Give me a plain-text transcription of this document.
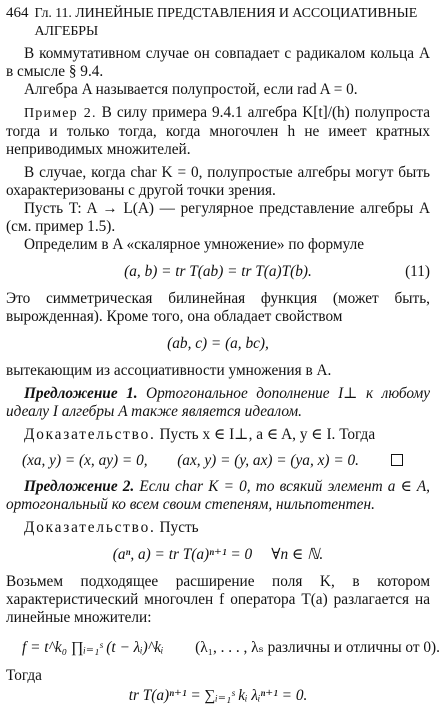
464 Гл. 11. ЛИНЕЙНЫЕ ПРЕДСТАВЛЕНИЯ И АССОЦИАТИВНЫЕ АЛГЕБРЫ

В коммутативном случае он совпадает с радикалом кольца A в смысле § 9.4.

Алгебра A называется полупростой, если rad A = 0.

Пример 2. В силу примера 9.4.1 алгебра K[t]/(h) полупроста тогда и только тогда, когда многочлен h не имеет кратных неприводимых множителей.

В случае, когда char K = 0, полупростые алгебры могут быть охарактеризованы с другой точки зрения.

Пусть T: A → L(A) — регулярное представление алгебры A (см. пример 1.5).

Определим в A «скалярное умножение» по формуле

(a, b) = tr T(ab) = tr T(a)T(b).	(11)

Это симметрическая билинейная функция (может быть, вырожденная). Кроме того, она обладает свойством

(ab, c) = (a, bc),

вытекающим из ассоциативности умножения в A.

Предложение 1. Ортогональное дополнение I⊥ к любому идеалу I алгебры A также является идеалом.

Доказательство. Пусть x ∈ I⊥, a ∈ A, y ∈ I. Тогда

(xa, y) = (x, ay) = 0, (ax, y) = (y, ax) = (ya, x) = 0.

Предложение 2. Если char K = 0, то всякий элемент a ∈ A, ортогональный ко всем своим степеням, нильпотентен.

Доказательство. Пусть

(aⁿ, a) = tr T(a)ⁿ⁺¹ = 0     ∀n ∈ ℕ.

Возьмем подходящее расширение поля K, в котором характеристический многочлен f оператора T(a) разлагается на линейные множители:

f = t^k₀ ∏ᵢ₌₁ˢ (t − λᵢ)^kᵢ (λ₁, . . . , λₛ различны и отличны от 0).

Тогда

tr T(a)ⁿ⁺¹ = ∑ᵢ₌₁ˢ kᵢ λᵢⁿ⁺¹ = 0.
